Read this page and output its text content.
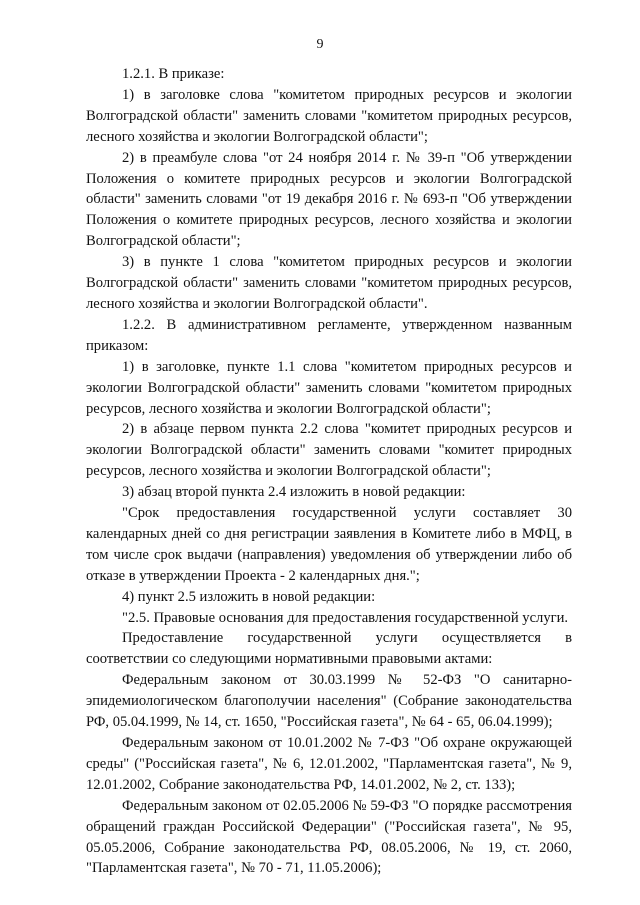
9

1.2.1. В приказе:

1) в заголовке слова "комитетом природных ресурсов и экологии Волгоградской области" заменить словами "комитетом природных ресурсов, лесного хозяйства и экологии Волгоградской области";

2) в преамбуле слова "от 24 ноября 2014 г. № 39-п "Об утверждении Положения о комитете природных ресурсов и экологии Волгоградской области" заменить словами "от 19 декабря 2016 г. № 693-п "Об утверждении Положения о комитете природных ресурсов, лесного хозяйства и экологии Волгоградской области";

3) в пункте 1 слова "комитетом природных ресурсов и экологии Волгоградской области" заменить словами "комитетом природных ресурсов, лесного хозяйства и экологии Волгоградской области".

1.2.2. В административном регламенте, утвержденном названным приказом:

1) в заголовке, пункте 1.1 слова "комитетом природных ресурсов и экологии Волгоградской области" заменить словами "комитетом природных ресурсов, лесного хозяйства и экологии Волгоградской области";

2) в абзаце первом пункта 2.2 слова "комитет природных ресурсов и экологии Волгоградской области" заменить словами "комитет природных ресурсов, лесного хозяйства и экологии Волгоградской области";

3) абзац второй пункта 2.4 изложить в новой редакции:

"Срок предоставления государственной услуги составляет 30 календарных дней со дня регистрации заявления в Комитете либо в МФЦ, в том числе срок выдачи (направления) уведомления об утверждении либо об отказе в утверждении Проекта - 2 календарных дня.";

4) пункт 2.5 изложить в новой редакции:

"2.5. Правовые основания для предоставления государственной услуги.

Предоставление государственной услуги осуществляется в соответствии со следующими нормативными правовыми актами:

Федеральным законом от 30.03.1999 № 52-ФЗ "О санитарно-эпидемиологическом благополучии населения" (Собрание законодательства РФ, 05.04.1999, № 14, ст. 1650, "Российская газета", № 64 - 65, 06.04.1999);

Федеральным законом от 10.01.2002 № 7-ФЗ "Об охране окружающей среды" ("Российская газета", № 6, 12.01.2002, "Парламентская газета", № 9, 12.01.2002, Собрание законодательства РФ, 14.01.2002, № 2, ст. 133);

Федеральным законом от 02.05.2006 № 59-ФЗ "О порядке рассмотрения обращений граждан Российской Федерации" ("Российская газета", № 95, 05.05.2006, Собрание законодательства РФ, 08.05.2006, № 19, ст. 2060, "Парламентская газета", № 70 - 71, 11.05.2006);
